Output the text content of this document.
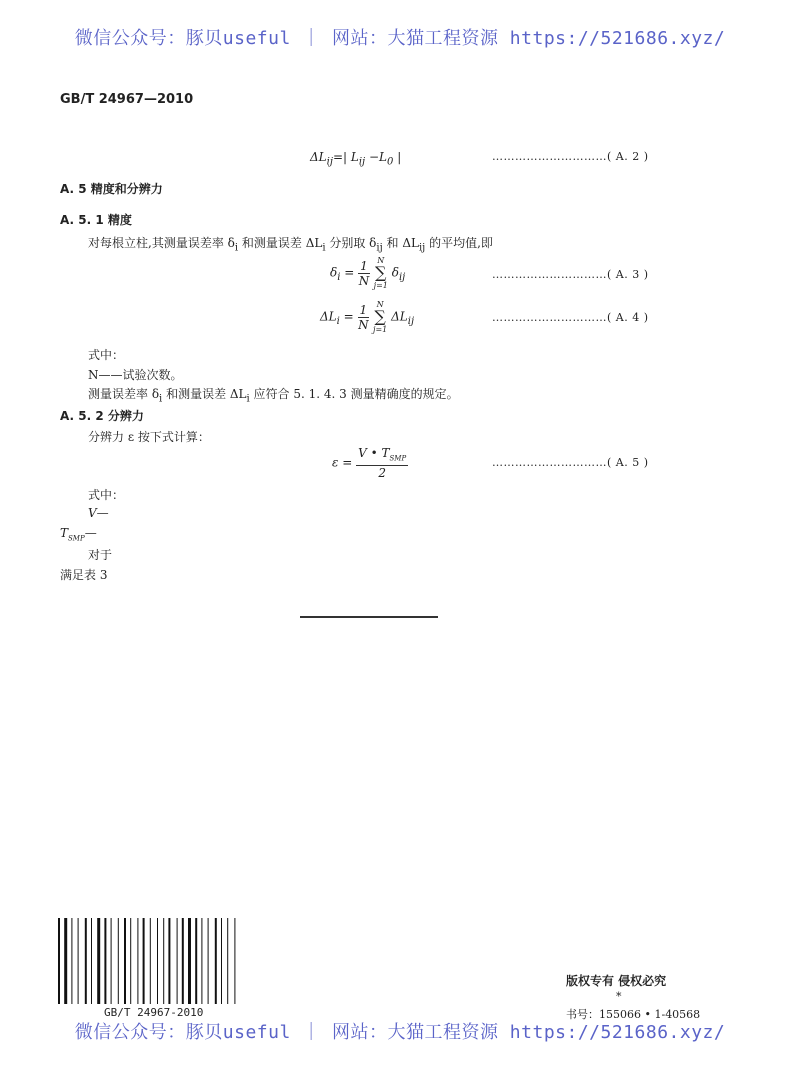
微信公众号：豚贝useful ｜ 网站：大猫工程资源 https://521686.xyz/
GB/T 24967—2010
$\Delta L_{ij}=|$ $L_{ij} -L_0$ |	…………………………( A. 2 )
A. 5 精度和分辨力
A. 5. 1 精度
对每根立柱,其测量误差率 $\delta_i$ 和测量误差 $\Delta L_i$ 分别取 $\delta_{ij}$ 和 $\Delta L_{ij}$ 的平均值,即
$\delta_i = \frac{1}{N}$
N
∑
j=1
$\delta_{ij}$	…………………………( A. 3 )
$\Delta L_i = \frac{1}{N}$
N
∑
j=1
$\Delta L_{ij}$	…………………………( A. 4 )
式中：
N——试验次数。
测量误差率 $\delta_i$ 和测量误差 $\Delta L_i$ 应符合 5. 1. 4. 3 测量精确度的规定。
A. 5. 2 分辨力
分辨力 ε 按下式计算：
$\varepsilon = \frac{V • T_{SMP}}{2}$	…………………………( A. 5 )
式中：
V—
$T_{SMP}—$
对于
满足表 3
GB/T 24967-2010
版权专有 侵权必究
*
书号：155066 • 1-40568
微信公众号：豚贝useful ｜ 网站：大猫工程资源 https://521686.xyz/
